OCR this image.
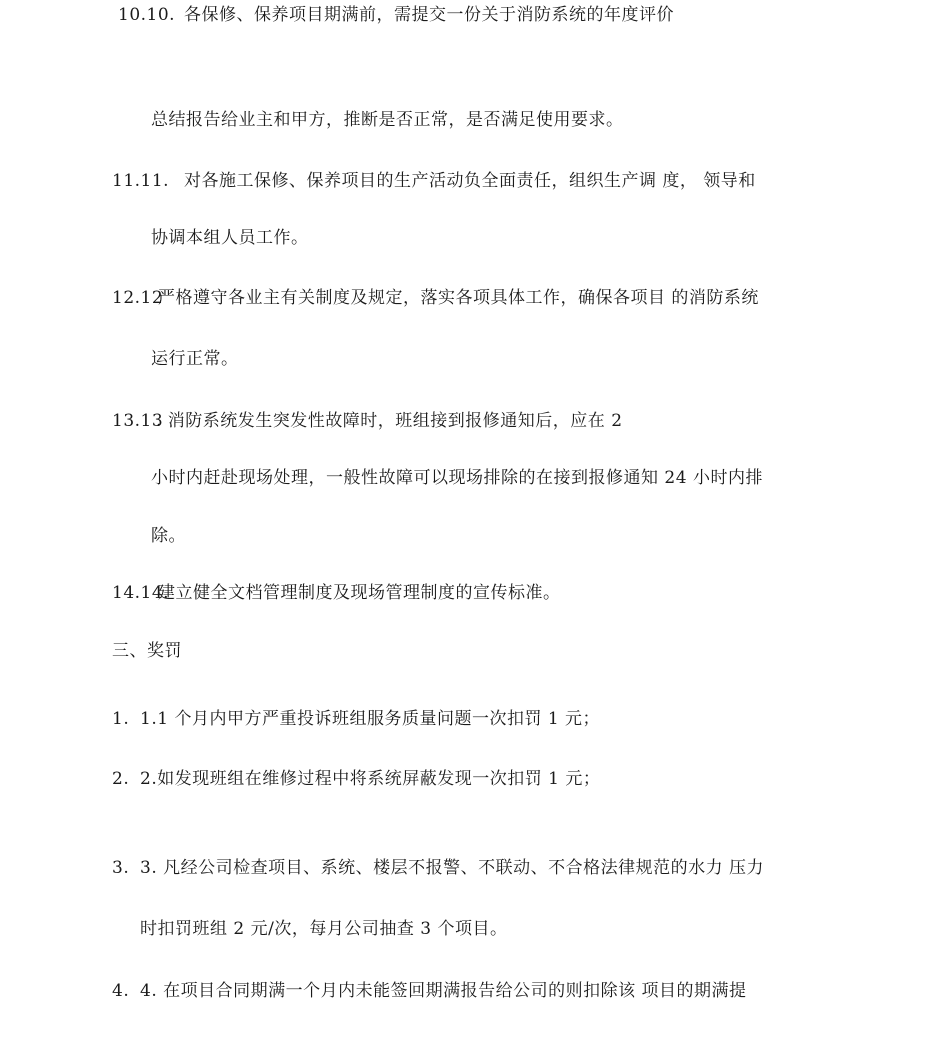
10.10. 各保修、保养项目期满前，需提交一份关于消防系统的年度评价
总结报告给业主和甲方，推断是否正常，是否满足使用要求。
11.11. 对各施工保修、保养项目的生产活动负全面责任，组织生产调 度， 领导和
协调本组人员工作。
12.12严格遵守各业主有关制度及规定，落实各项具体工作，确保各项目 的消防系统
运行正常。
13.13. 消防系统发生突发性故障时，班组接到报修通知后，应在 2
小时内赶赴现场处理，一般性故障可以现场排除的在接到报修通知 24 小时内排
除。
14.14.建立健全文档管理制度及现场管理制度的宣传标准。
三、奖罚
1. 1.1 个月内甲方严重投诉班组服务质量问题一次扣罚 1 元；
2. 2.如发现班组在维修过程中将系统屏蔽发现一次扣罚 1 元；
3. 3. 凡经公司检查项目、系统、楼层不报警、不联动、不合格法律规范的水力 压力
时扣罚班组 2 元/次，每月公司抽查 3 个项目。
4. 4. 在项目合同期满一个月内未能签回期满报告给公司的则扣除该 项目的期满提
